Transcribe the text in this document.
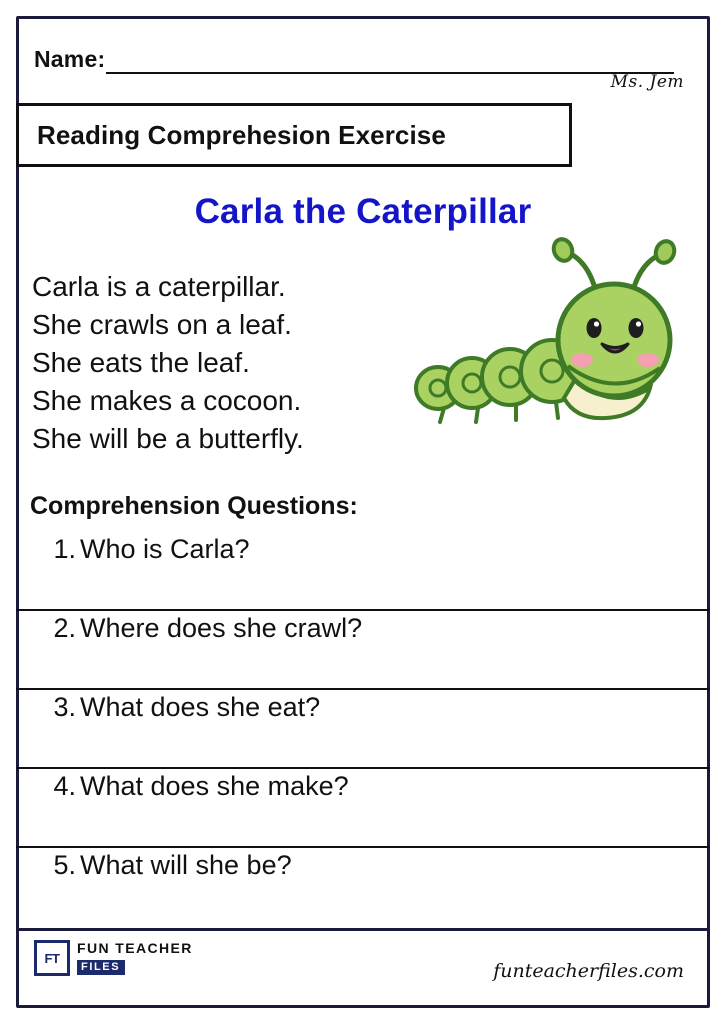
Name:
Ms. Jem
Reading Comprehesion Exercise
Carla the Caterpillar
Carla is a caterpillar.
She crawls on a leaf.
She eats the leaf.
She makes a cocoon.
She will be a butterfly.
Comprehension Questions:
1. Who is Carla?
2. Where does she crawl?
3. What does she eat?
4. What does she make?
5. What will she be?
FT
FUN TEACHER
FILES	funteacherfiles.com
